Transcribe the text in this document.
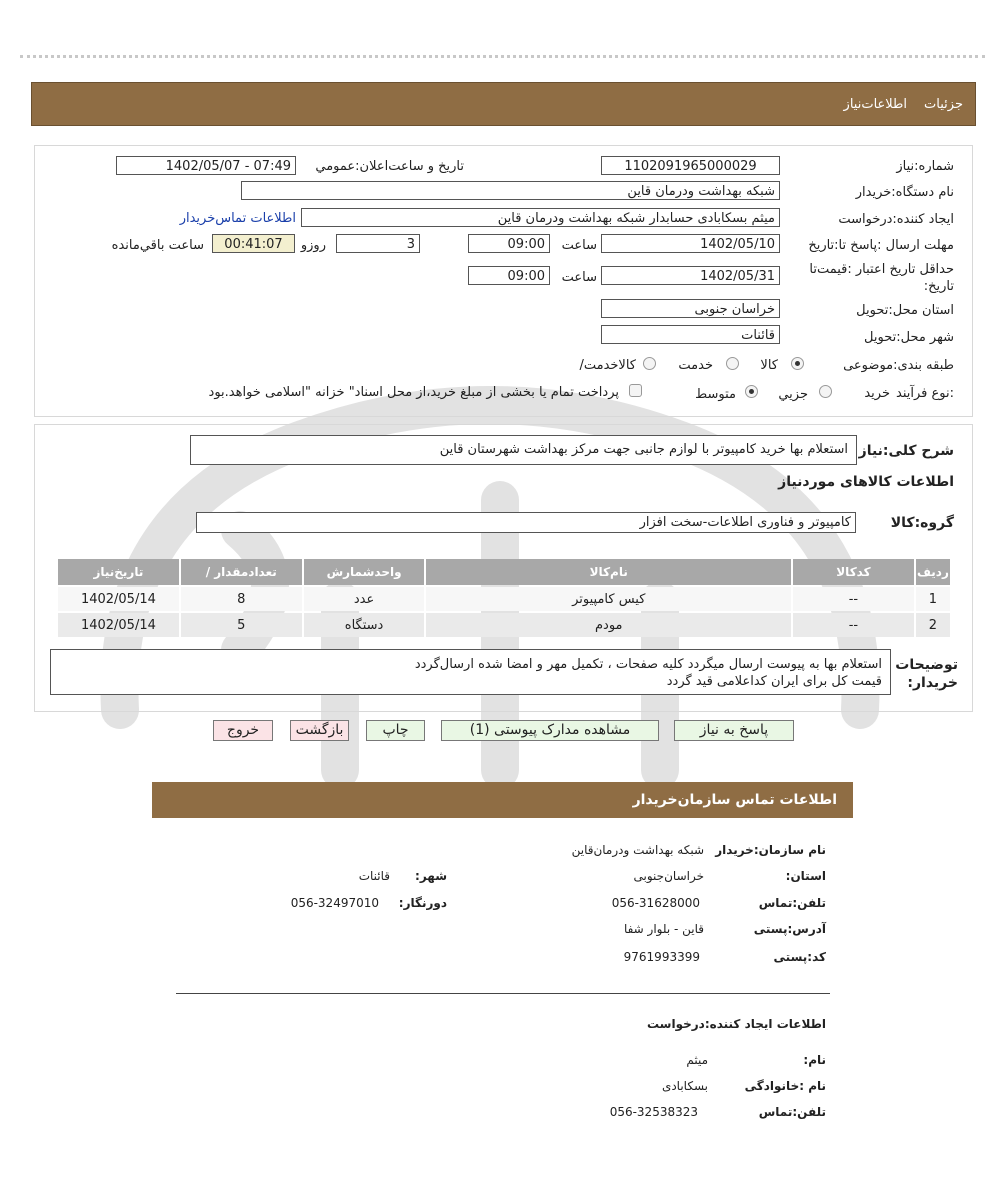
جزئیات
اطلاعات‌نیاز
شماره:نیاز
1102091965000029
تاریخ و ساعت‌اعلان:عمومي
1402/05/07 - 07:49
نام دستگاه:خریدار
شبکه بهداشت ودرمان قاین
ایجاد کننده:درخواست
میثم بسکابادی حسابدار شبکه بهداشت ودرمان قاین
اطلاعات تماس‌خریدار
مهلت ارسال :پاسخ تا:تاریخ
1402/05/10
ساعت
09:00
3
روزو
00:41:07
ساعت باقي‌مانده
حداقل تاریخ اعتبار :قیمت‌تا
:تاریخ
1402/05/31
ساعت
09:00
استان محل:تحویل
خراسان جنوبی
شهر محل:تحویل
قائنات
طبقه بندی:موضوعی
کالا
خدمت
/کالاخدمت
نوع فرآیند:
خرید
جزیي
متوسط
پرداخت تمام یا بخشی از مبلغ خرید،از محل اسناد" خزانه "اسلامی خواهد.بود
شرح کلی:نیاز
استعلام بها خرید کامپیوتر با لوازم جانبی جهت مرکز بهداشت شهرستان قاین
اطلاعات کالاهای موردنیاز
گروه:کالا
کامپیوتر و فناوری اطلاعات-سخت افزار
تاریخ‌نیاز	/ تعدادمقدار	واحدشمارش	نام‌کالا	کدکالا	ردیف
1402/05/14	8	عدد	کیس کامپیوتر	--	1
1402/05/14	5	دستگاه	مودم	--	2
توضیحات
:خریدار
استعلام بها به پیوست ارسال میگردد کلیه صفحات ، تکمیل مهر و امضا شده ارسال‌گردد
قیمت کل برای ایران کداعلامی قید گردد
پاسخ به نیاز
مشاهده مدارک پیوستی (1)
چاپ
بازگشت
خروج
اطلاعات تماس سازمان‌خریدار
نام سازمان:خریدار
شبکه بهداشت ودرمان‌قاین
:استان
خراسان‌جنوبی
:شهر
قائنات
تلفن:تماس
056-31628000
:دورنگار
056-32497010
آدرس:پستی
قاین - بلوار شفا
کد:پستی
9761993399
اطلاعات ایجاد کننده:درخواست
:نام
میثم
نام :خانوادگی
بسکابادی
تلفن:تماس
056-32538323
